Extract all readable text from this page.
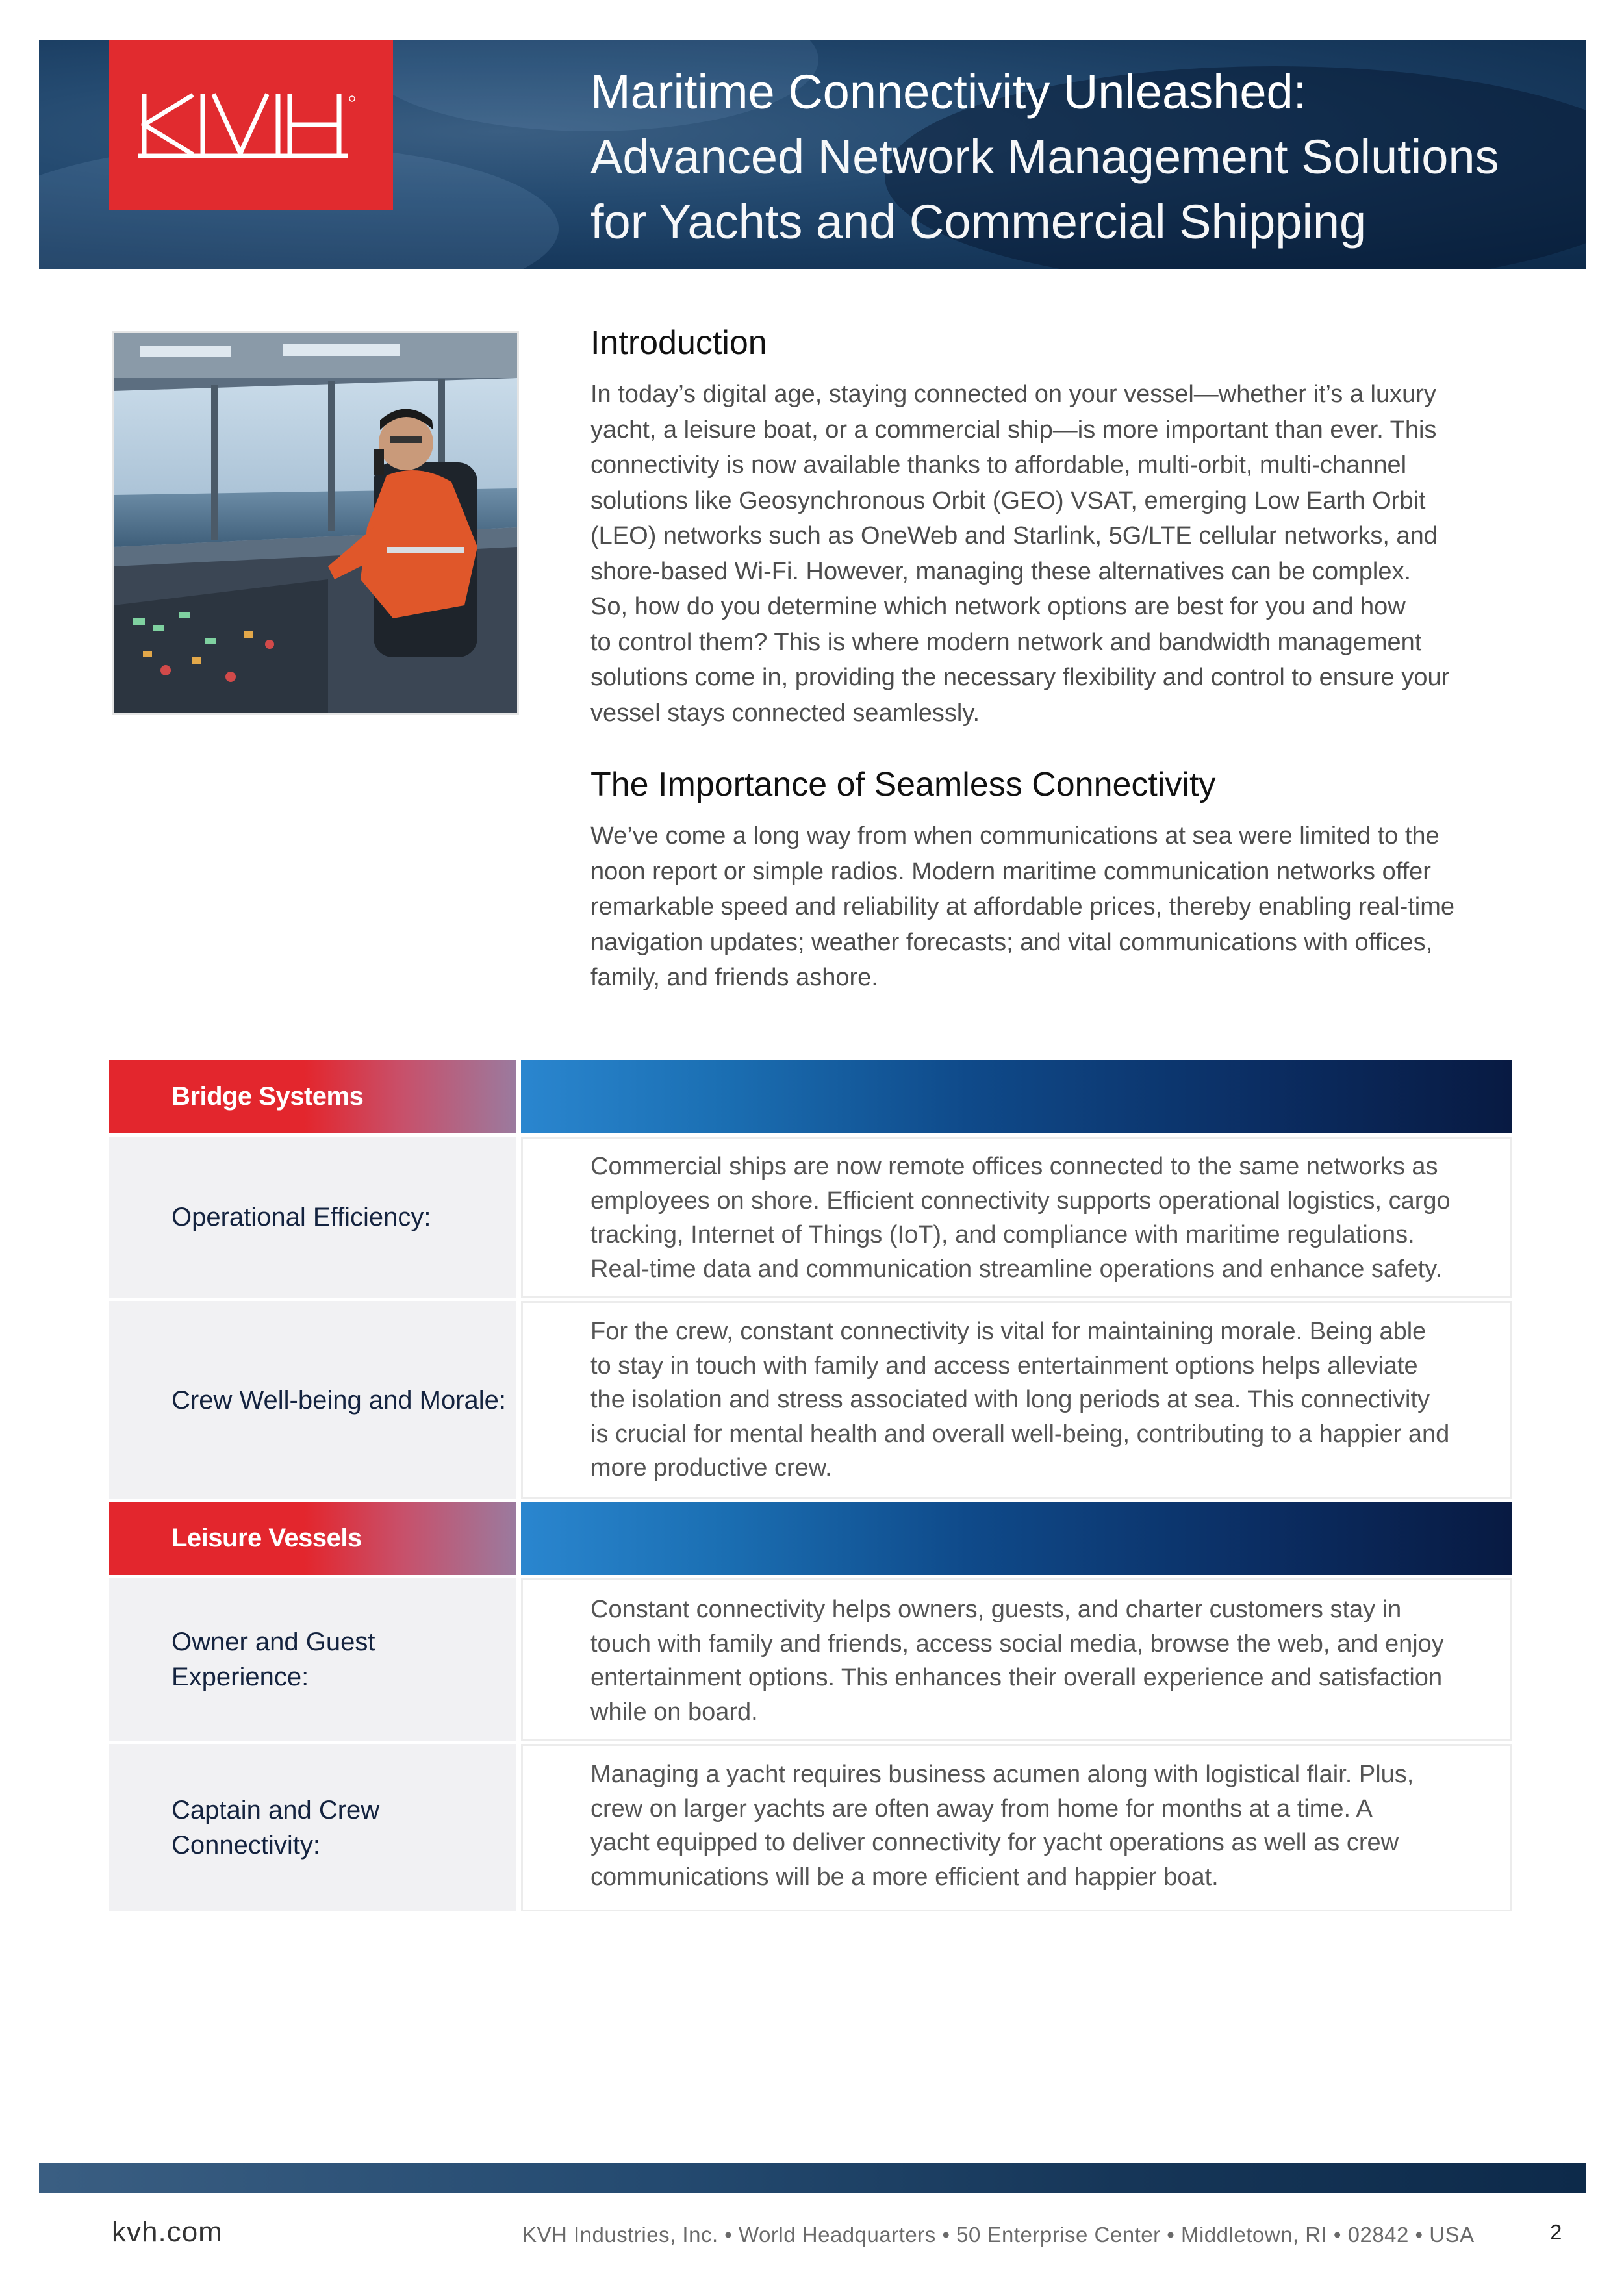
Maritime Connectivity Unleashed:
Advanced Network Management Solutions
for Yachts and Commercial Shipping
Introduction

In today’s digital age, staying connected on your vessel—whether it’s a luxury

yacht, a leisure boat, or a commercial ship—is more important than ever. This

connectivity is now available thanks to affordable, multi-orbit, multi-channel

solutions like Geosynchronous Orbit (GEO) VSAT, emerging Low Earth Orbit

(LEO) networks such as OneWeb and Starlink, 5G/LTE cellular networks, and

shore-based Wi-Fi. However, managing these alternatives can be complex.

So, how do you determine which network options are best for you and how

to control them? This is where modern network and bandwidth management

solutions come in, providing the necessary flexibility and control to ensure your

vessel stays connected seamlessly.

The Importance of Seamless Connectivity

We’ve come a long way from when communications at sea were limited to the

noon report or simple radios. Modern maritime communication networks offer

remarkable speed and reliability at affordable prices, thereby enabling real-time

navigation updates; weather forecasts; and vital communications with offices,

family, and friends ashore.

Bridge Systems
Operational Efficiency:

Crew Well-being and Morale:
Leisure Vessels
Owner and Guest Experience:
Captain and Crew
Connectivity:

Commercial ships are now remote offices connected to the same networks as

employees on shore. Efficient connectivity supports operational logistics, cargo

tracking, Internet of Things (IoT), and compliance with maritime regulations.

Real-time data and communication streamline operations and enhance safety.

For the crew, constant connectivity is vital for maintaining morale. Being able

to stay in touch with family and access entertainment options helps alleviate

the isolation and stress associated with long periods at sea. This connectivity

is crucial for mental health and overall well-being, contributing to a happier and

more productive crew.

Constant connectivity helps owners, guests, and charter customers stay in

touch with family and friends, access social media, browse the web, and enjoy

entertainment options. This enhances their overall experience and satisfaction

while on board.

Managing a yacht requires business acumen along with logistical flair. Plus,

crew on larger yachts are often away from home for months at a time. A

yacht equipped to deliver connectivity for yacht operations as well as crew

communications will be a more efficient and happier boat.

kvh.com	KVH Industries, Inc. • World Headquarters • 50 Enterprise Center • Middletown, RI • 02842 • USA	2
